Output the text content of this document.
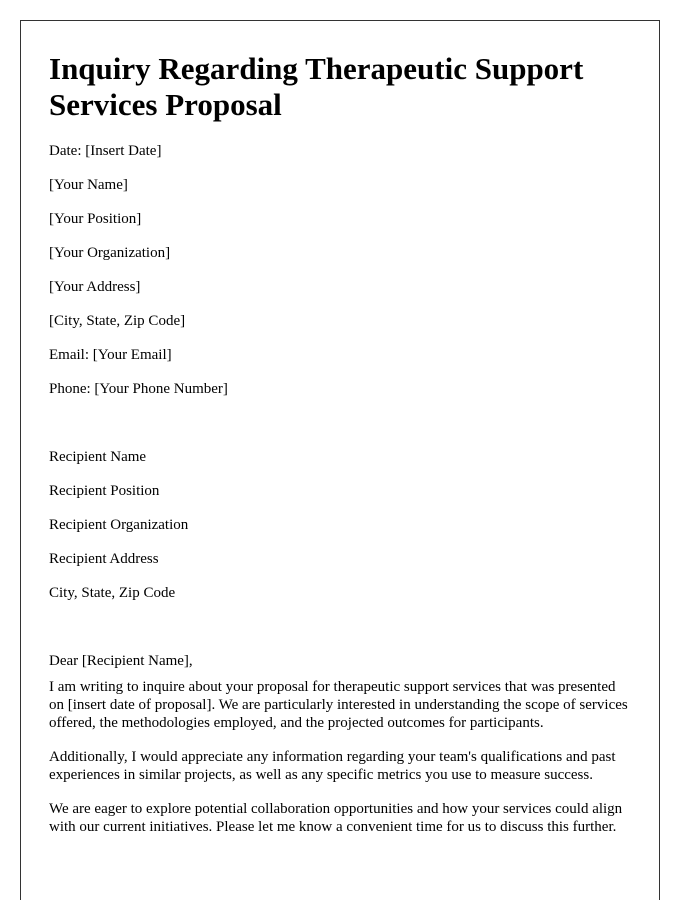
Inquiry Regarding Therapeutic Support Services Proposal

Date: [Insert Date]

[Your Name]

[Your Position]

[Your Organization]

[Your Address]

[City, State, Zip Code]

Email: [Your Email]

Phone: [Your Phone Number]

Recipient Name

Recipient Position

Recipient Organization

Recipient Address

City, State, Zip Code

Dear [Recipient Name],

I am writing to inquire about your proposal for therapeutic support services that was presented on [insert date of proposal]. We are particularly interested in understanding the scope of services offered, the methodologies employed, and the projected outcomes for participants.

Additionally, I would appreciate any information regarding your team's qualifications and past experiences in similar projects, as well as any specific metrics you use to measure success.

We are eager to explore potential collaboration opportunities and how your services could align with our current initiatives. Please let me know a convenient time for us to discuss this further.
